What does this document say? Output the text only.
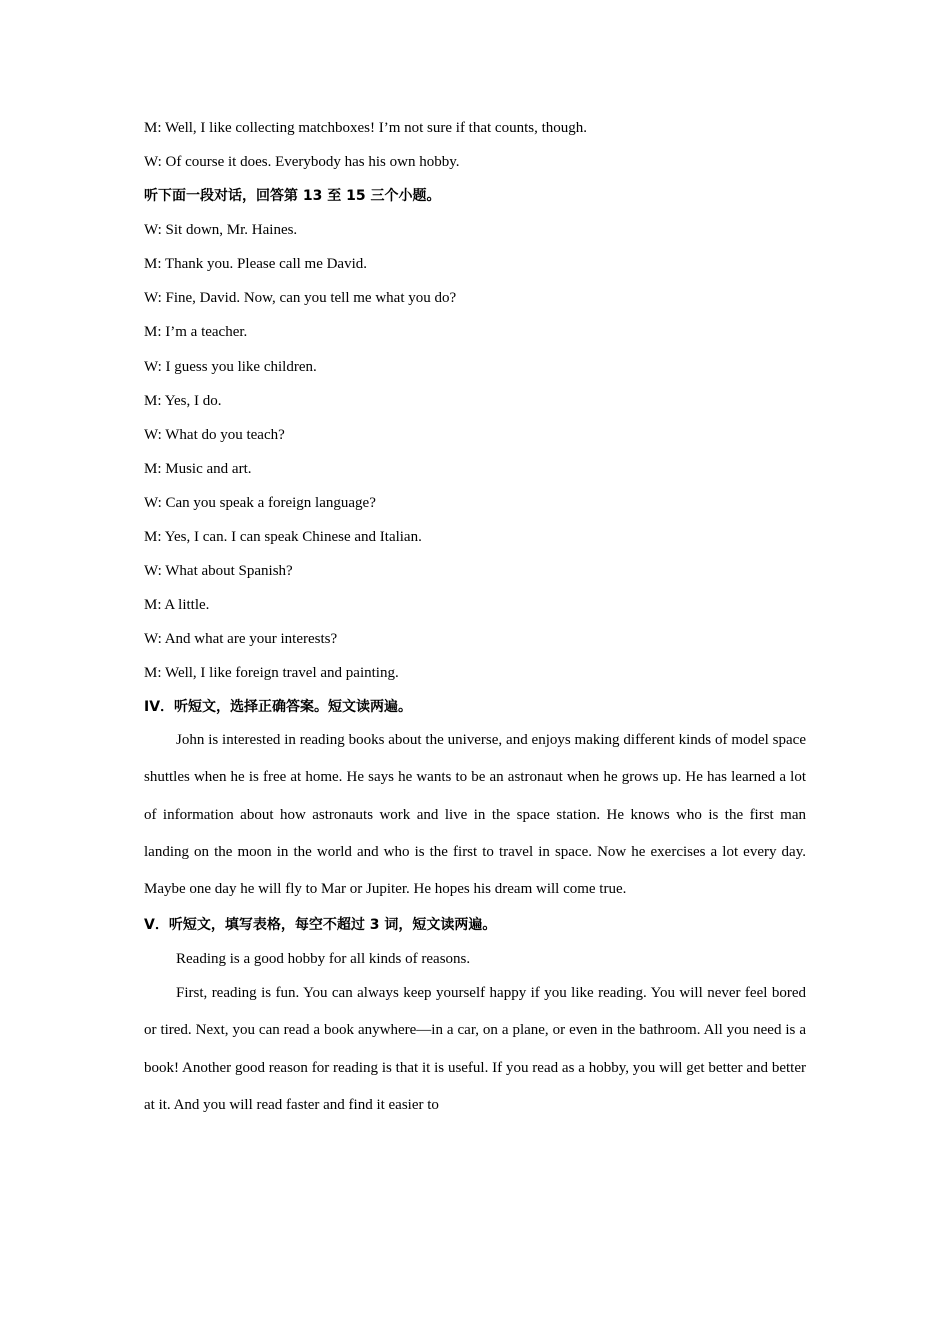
M: Well, I like collecting matchboxes! I’m not sure if that counts, though.
W: Of course it does. Everybody has his own hobby.
听下面一段对话，回答第 13 至 15 三个小题。
W: Sit down, Mr. Haines.
M: Thank you. Please call me David.
W: Fine, David. Now, can you tell me what you do?
M: I’m a teacher.
W: I guess you like children.
M: Yes, I do.
W: What do you teach?
M: Music and art.
W: Can you speak a foreign language?
M: Yes, I can. I can speak Chinese and Italian.
W: What about Spanish?
M: A little.
W: And what are your interests?
M: Well, I like foreign travel and painting.
IV．听短文，选择正确答案。短文读两遍。
John is interested in reading books about the universe, and enjoys making different kinds of model space shuttles when he is free at home. He says he wants to be an astronaut when he grows up. He has learned a lot of information about how astronauts work and live in the space station. He knows who is the first man landing on the moon in the world and who is the first to travel in space. Now he exercises a lot every day. Maybe one day he will fly to Mar or Jupiter. He hopes his dream will come true.
V．听短文，填写表格，每空不超过 3 词，短文读两遍。
Reading is a good hobby for all kinds of reasons.
First, reading is fun. You can always keep yourself happy if you like reading. You will never feel bored or tired. Next, you can read a book anywhere—in a car, on a plane, or even in the bathroom. All you need is a book! Another good reason for reading is that it is useful. If you read as a hobby, you will get better and better at it. And you will read faster and find it easier to
